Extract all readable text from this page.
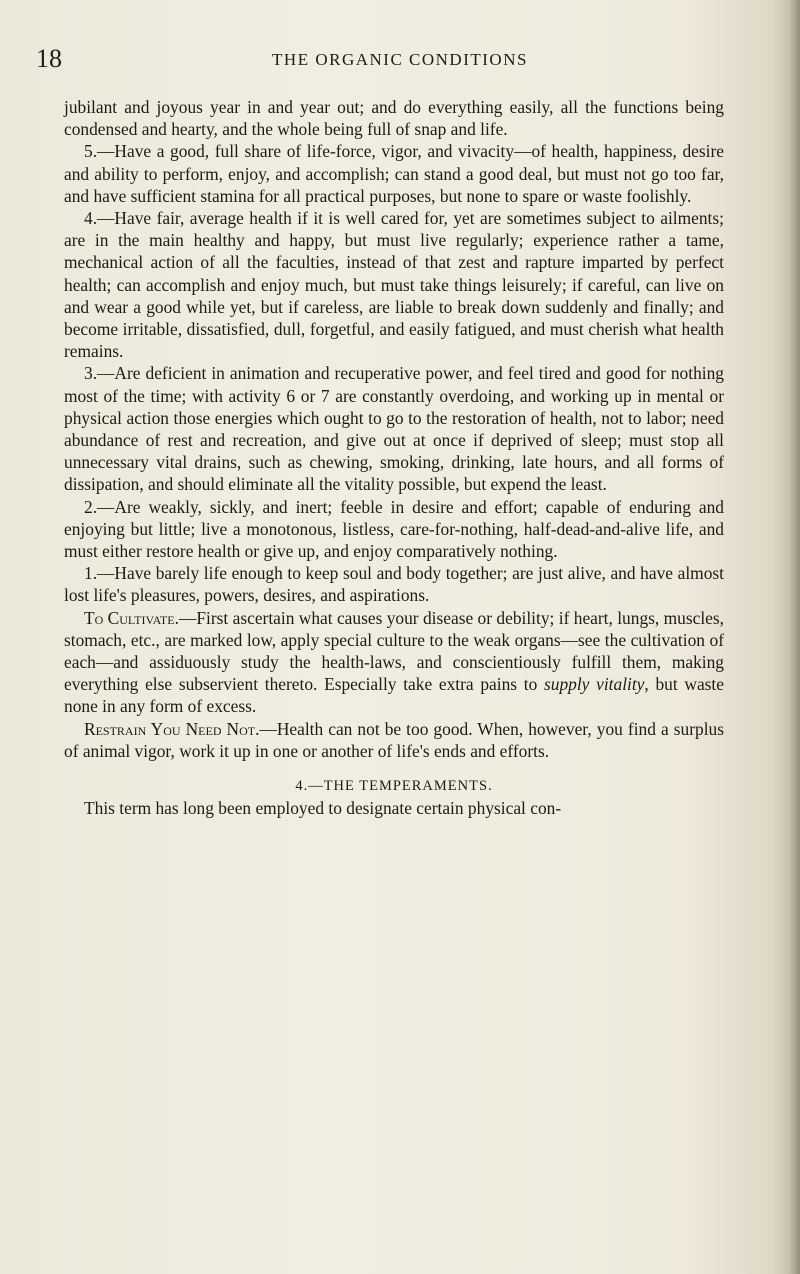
18	THE ORGANIC CONDITIONS

jubilant and joyous year in and year out; and do everything easily, all the functions being condensed and hearty, and the whole being full of snap and life.

5.—Have a good, full share of life-force, vigor, and vivacity—of health, happiness, desire and ability to perform, enjoy, and accomplish; can stand a good deal, but must not go too far, and have sufficient stamina for all practical purposes, but none to spare or waste foolishly.

4.—Have fair, average health if it is well cared for, yet are sometimes subject to ailments; are in the main healthy and happy, but must live regularly; experience rather a tame, mechanical action of all the faculties, instead of that zest and rapture imparted by perfect health; can accomplish and enjoy much, but must take things leisurely; if careful, can live on and wear a good while yet, but if careless, are liable to break down suddenly and finally; and become irritable, dissatisfied, dull, forgetful, and easily fatigued, and must cherish what health remains.

3.—Are deficient in animation and recuperative power, and feel tired and good for nothing most of the time; with activity 6 or 7 are constantly overdoing, and working up in mental or physical action those energies which ought to go to the restoration of health, not to labor; need abundance of rest and recreation, and give out at once if deprived of sleep; must stop all unnecessary vital drains, such as chewing, smoking, drinking, late hours, and all forms of dissipation, and should eliminate all the vitality possible, but expend the least.

2.—Are weakly, sickly, and inert; feeble in desire and effort; capable of enduring and enjoying but little; live a monotonous, listless, care-for-nothing, half-dead-and-alive life, and must either restore health or give up, and enjoy comparatively nothing.

1.—Have barely life enough to keep soul and body together; are just alive, and have almost lost life's pleasures, powers, desires, and aspirations.

To Cultivate.—First ascertain what causes your disease or debility; if heart, lungs, muscles, stomach, etc., are marked low, apply special culture to the weak organs—see the cultivation of each—and assiduously study the health-laws, and conscientiously fulfill them, making everything else subservient thereto. Especially take extra pains to supply vitality, but waste none in any form of excess.

Restrain You Need Not.—Health can not be too good. When, however, you find a surplus of animal vigor, work it up in one or another of life's ends and efforts.

4.—THE TEMPERAMENTS.

This term has long been employed to designate certain physical con-
